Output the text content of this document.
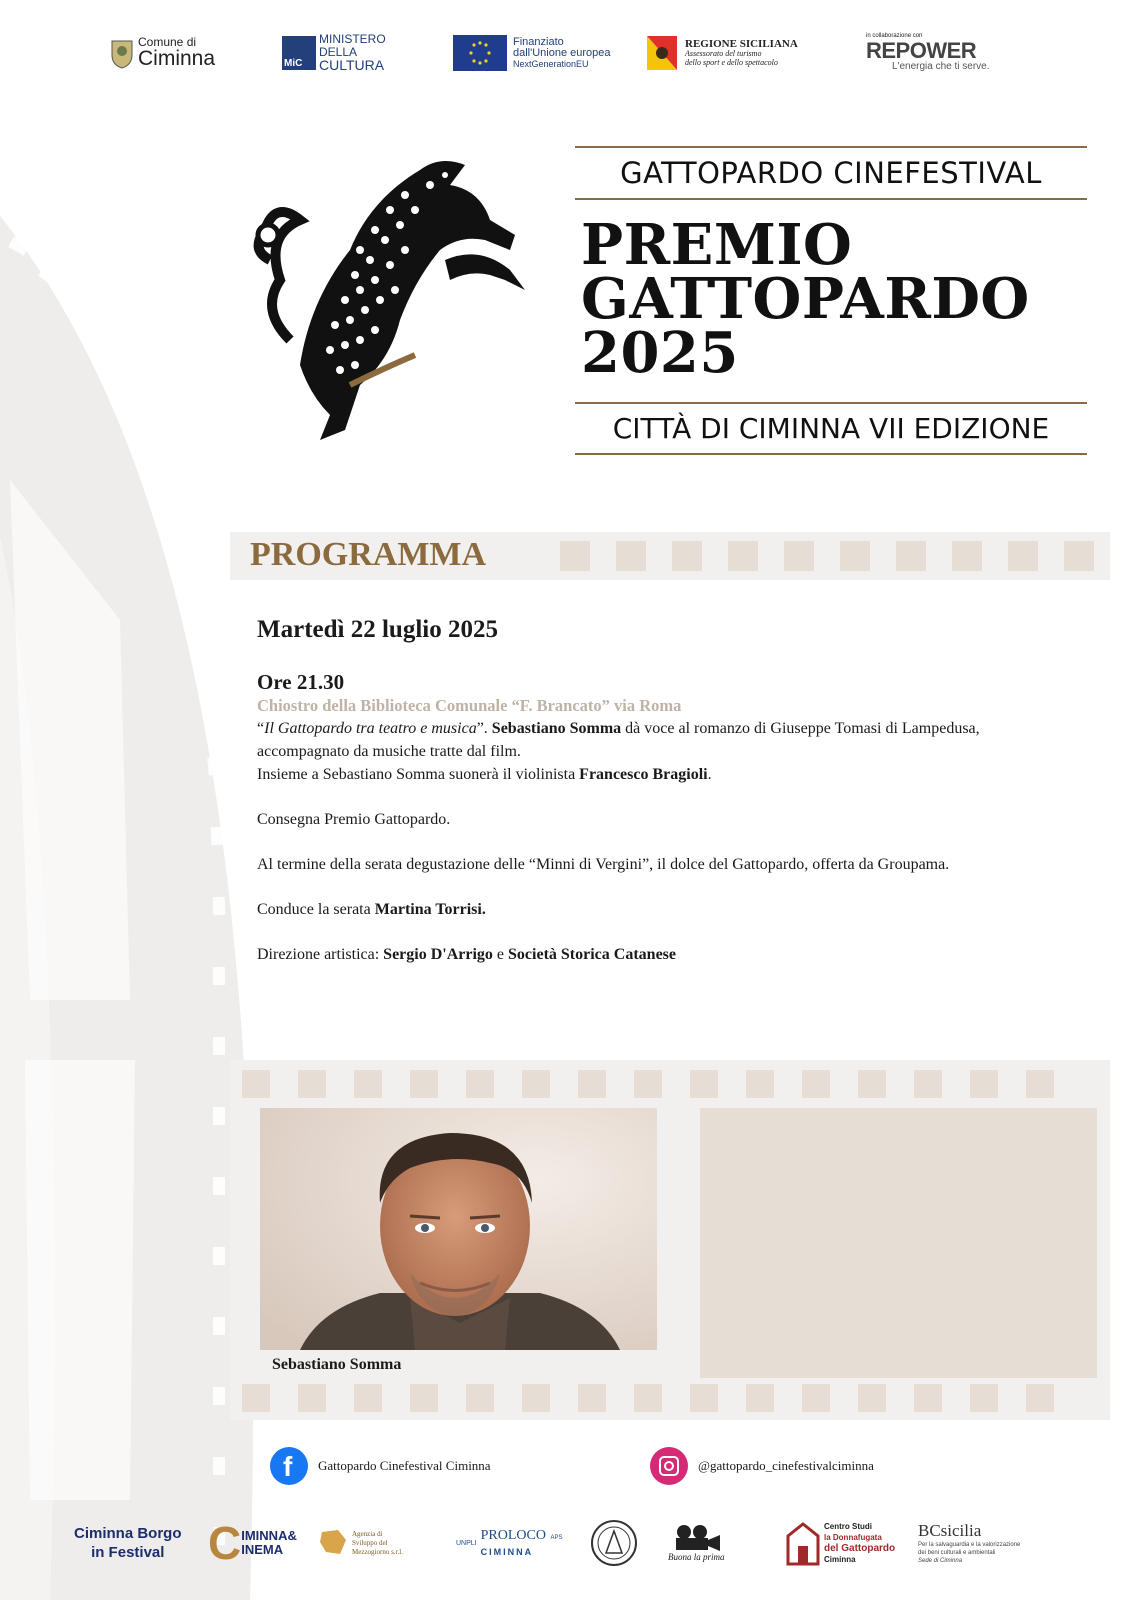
Comune di
Ciminna	MiC
MINISTERO
DELLA
CULTURA
Finanziato
dall'Unione europea
NextGenerationEU
REGIONE SICILIANA
Assessorato del turismo
dello sport e dello spettacolo
in collaborazione con
REPOWER
L'energia che ti serve.
GATTOPARDO CINEFESTIVAL
PREMIO
GATTOPARDO
2025
CITTÀ DI CIMINNA VII EDIZIONE
PROGRAMMA
Martedì 22 luglio 2025
Ore 21.30
Chiostro della Biblioteca Comunale “F. Brancato” via Roma

“Il Gattopardo tra teatro e musica”. Sebastiano Somma dà voce al romanzo di Giuseppe Tomasi di Lampedusa, accompagnato da musiche tratte dal film.

Insieme a Sebastiano Somma suonerà il violinista Francesco Bragioli.

Consegna Premio Gattopardo.

Al termine della serata degustazione delle “Minni di Vergini”, il dolce del Gattopardo, offerta da Groupama.

Conduce la serata Martina Torrisi.

Direzione artistica: Sergio D'Arrigo e Società Storica Catanese

Sebastiano Somma
f Gattopardo Cinefestival Ciminna	@gattopardo_cinefestivalciminna
Ciminna Borgo
in Festival C IMINNA&
INEMA
Agenzia di
Sviluppo del
Mezzogiorno s.r.l.
UNPLI
PROLOCO APS
CIMINNA
Buona la prima
Centro Studi
la Donnafugata
del Gattopardo
Ciminna
BCsicilia
Per la salvaguardia e la valorizzazione
dei beni culturali e ambientali
Sede di Ciminna
